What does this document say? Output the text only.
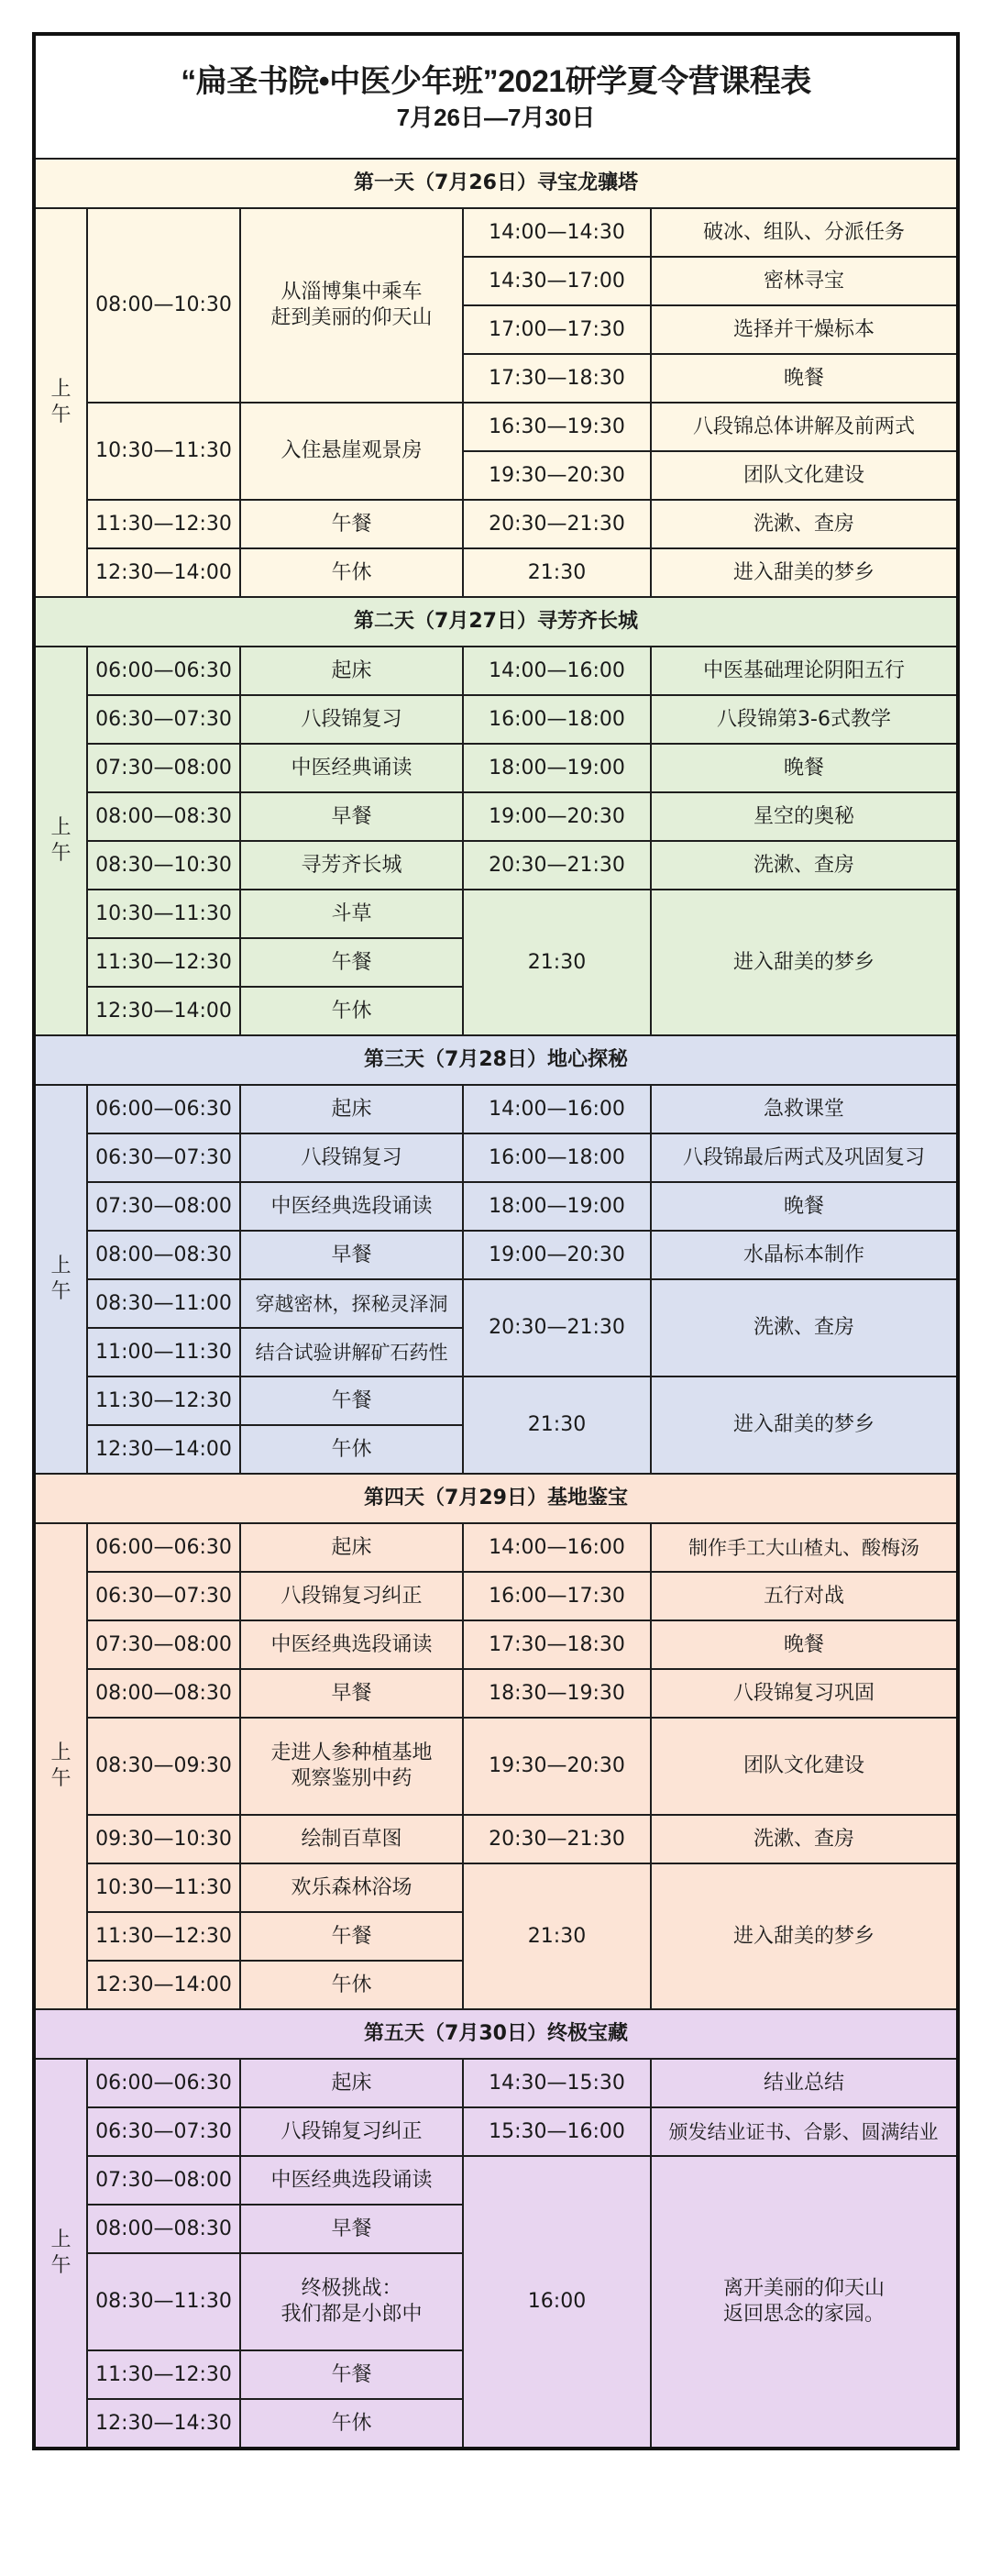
“扁圣书院•中医少年班”2021研学夏令营课程表
7月26日—7月30日				

第一天（7月26日）寻宝龙骧塔				
上
午	08:00—10:30	从淄博集中乘车
赶到美丽的仰天山	14:00—14:30	破冰、组队、分派任务
			14:30—17:00	密林寻宝
			17:00—17:30	选择并干燥标本
			17:30—18:30	晚餐
	10:30—11:30	入住悬崖观景房	16:30—19:30	八段锦总体讲解及前两式
			19:30—20:30	团队文化建设
	11:30—12:30	午餐	20:30—21:30	洗漱、查房
	12:30—14:00	午休	21:30	进入甜美的梦乡
第二天（7月27日）寻芳齐长城				
上
午	06:00—06:30	起床	14:00—16:00	中医基础理论阴阳五行
	06:30—07:30	八段锦复习	16:00—18:00	八段锦第3-6式教学
	07:30—08:00	中医经典诵读	18:00—19:00	晚餐
	08:00—08:30	早餐	19:00—20:30	星空的奥秘
	08:30—10:30	寻芳齐长城	20:30—21:30	洗漱、查房
	10:30—11:30	斗草	21:30	进入甜美的梦乡
	11:30—12:30	午餐		
	12:30—14:00	午休		
第三天（7月28日）地心探秘				
上
午	06:00—06:30	起床	14:00—16:00	急救课堂
	06:30—07:30	八段锦复习	16:00—18:00	八段锦最后两式及巩固复习
	07:30—08:00	中医经典选段诵读	18:00—19:00	晚餐
	08:00—08:30	早餐	19:00—20:30	水晶标本制作
	08:30—11:00	穿越密林，探秘灵泽洞	20:30—21:30	洗漱、查房
	11:00—11:30	结合试验讲解矿石药性		
	11:30—12:30	午餐	21:30	进入甜美的梦乡
	12:30—14:00	午休		
第四天（7月29日）基地鉴宝				
上
午	06:00—06:30	起床	14:00—16:00	制作手工大山楂丸、酸梅汤
	06:30—07:30	八段锦复习纠正	16:00—17:30	五行对战
	07:30—08:00	中医经典选段诵读	17:30—18:30	晚餐
	08:00—08:30	早餐	18:30—19:30	八段锦复习巩固
	08:30—09:30	走进人参种植基地
观察鉴别中药	19:30—20:30	团队文化建设
	09:30—10:30	绘制百草图	20:30—21:30	洗漱、查房
	10:30—11:30	欢乐森林浴场	21:30	进入甜美的梦乡
	11:30—12:30	午餐		
	12:30—14:00	午休		
第五天（7月30日）终极宝藏				
上
午	06:00—06:30	起床	14:30—15:30	结业总结
	06:30—07:30	八段锦复习纠正	15:30—16:00	颁发结业证书、合影、圆满结业
	07:30—08:00	中医经典选段诵读	16:00	离开美丽的仰天山
返回思念的家园。
	08:00—08:30	早餐		
	08:30—11:30	终极挑战：
我们都是小郎中		
	11:30—12:30	午餐		
	12:30—14:30	午休		
